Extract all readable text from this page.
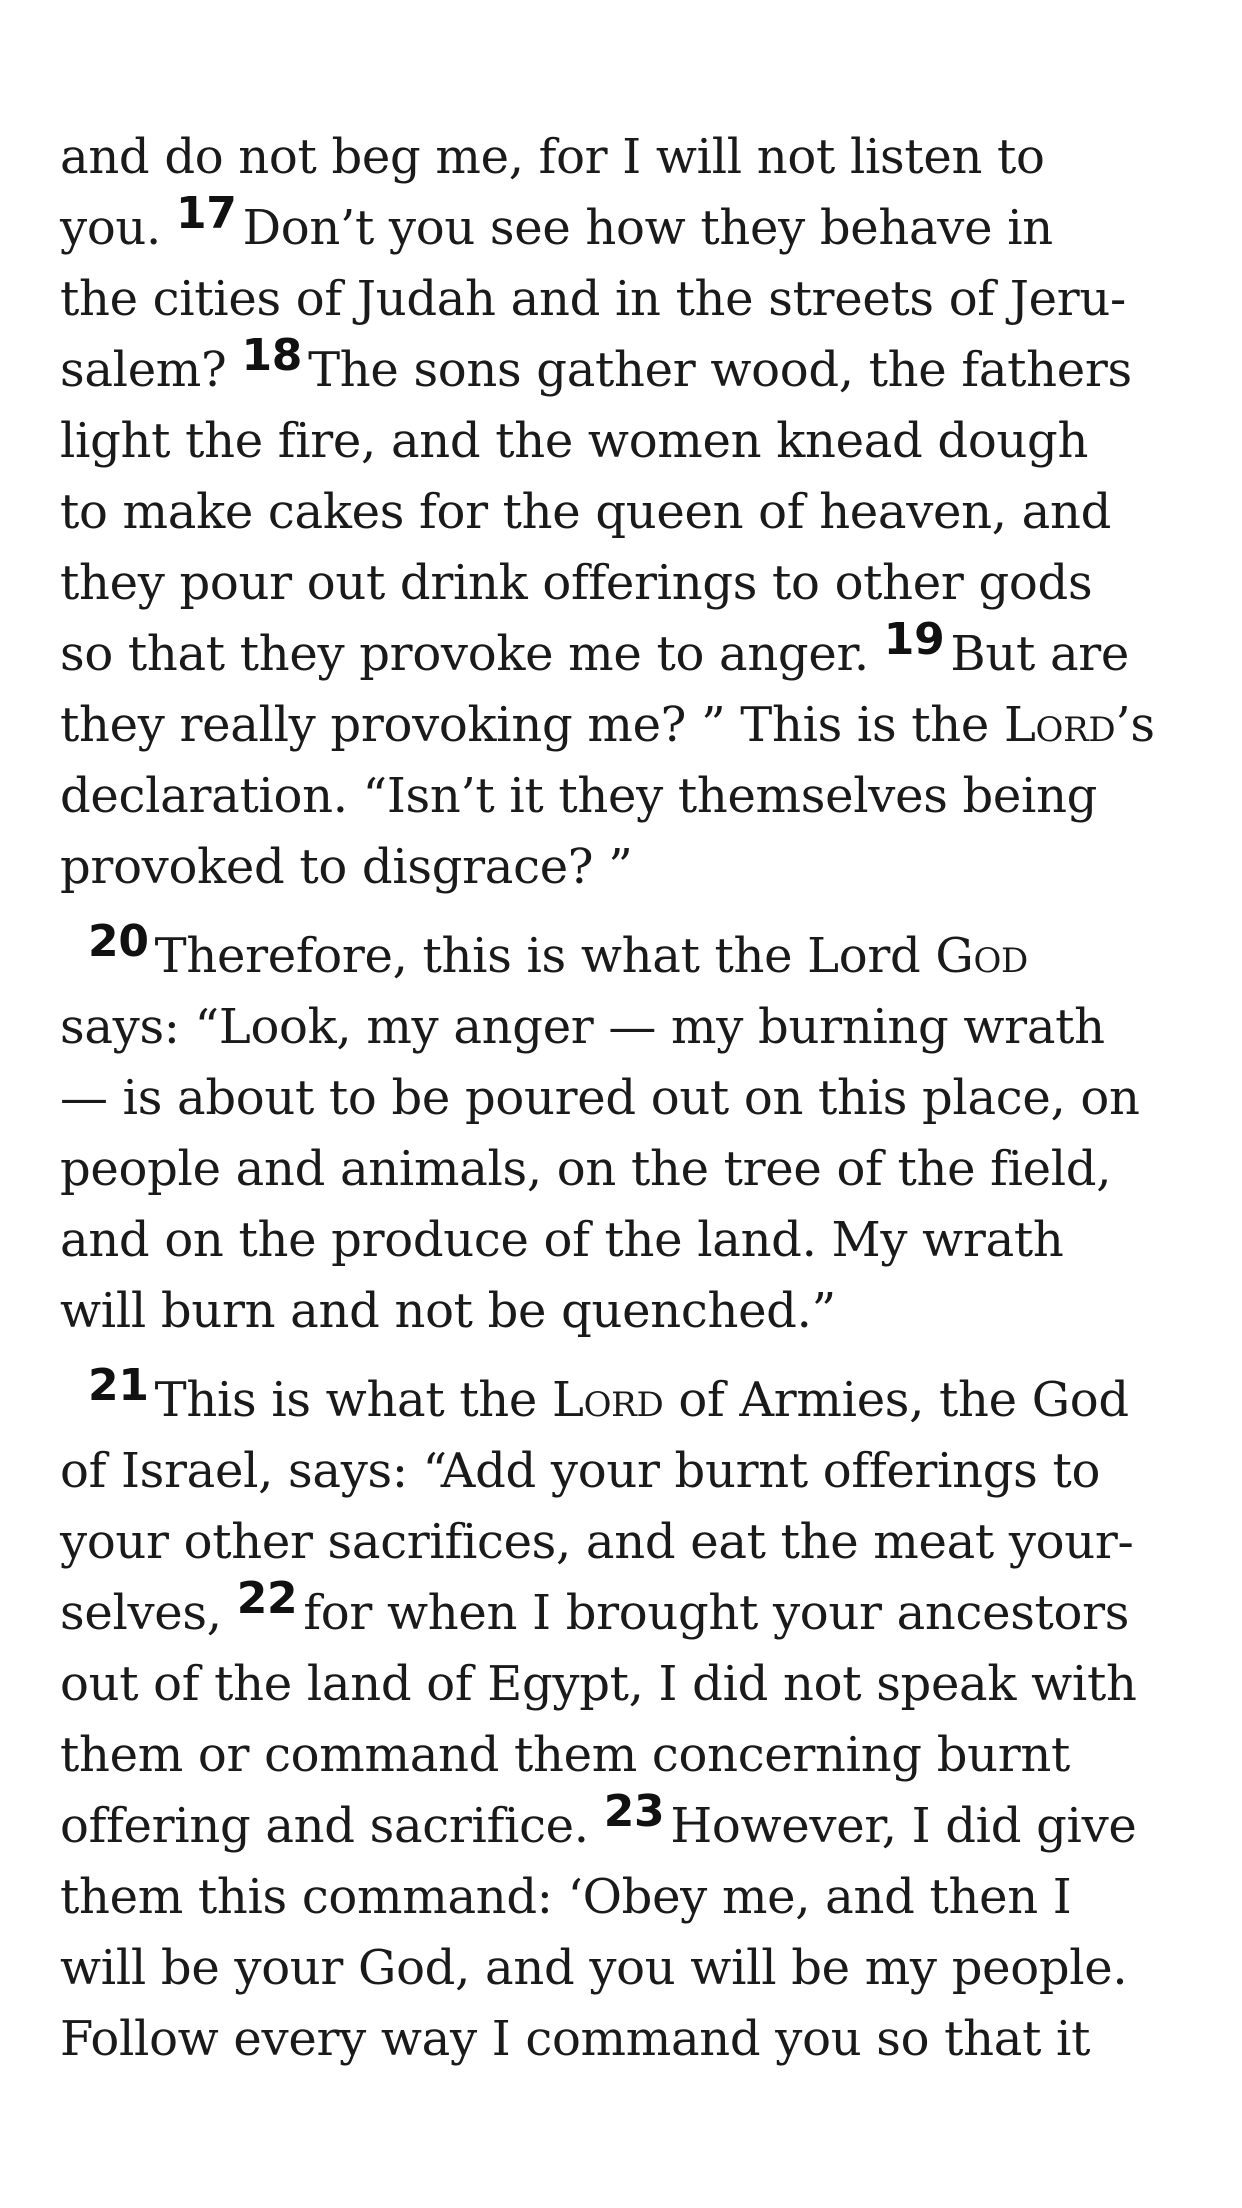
and do not beg me, for I will not listen to
you. 17 Don’t you see how they behave in
the cities of Judah and in the streets of Jeru-
salem? 18 The sons gather wood, the fathers
light the fire, and the women knead dough
to make cakes for the queen of heaven, and
they pour out drink offerings to other gods
so that they provoke me to anger. 19 But are
they really provoking me? ” This is the Lord’s
declaration. “Isn’t it they themselves being
provoked to disgrace? ”
20 Therefore, this is what the Lord God
says: “Look, my anger — my burning wrath
— is about to be poured out on this place, on
people and animals, on the tree of the field,
and on the produce of the land. My wrath
will burn and not be quenched.”
21 This is what the Lord of Armies, the God
of Israel, says: “Add your burnt offerings to
your other sacrifices, and eat the meat your-
selves, 22 for when I brought your ancestors
out of the land of Egypt, I did not speak with
them or command them concerning burnt
offering and sacrifice. 23 However, I did give
them this command: ‘Obey me, and then I
will be your God, and you will be my people.
Follow every way I command you so that it
